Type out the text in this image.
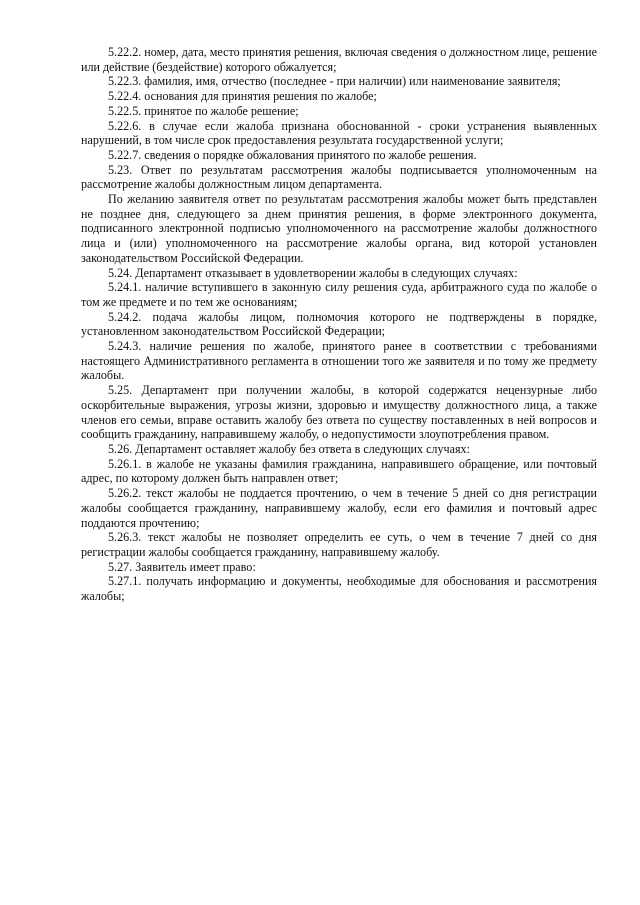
5.22.2. номер, дата, место принятия решения, включая сведения о должностном лице, решение или действие (бездействие) которого обжалуется;

5.22.3. фамилия, имя, отчество (последнее - при наличии) или наименование заявителя;

5.22.4. основания для принятия решения по жалобе;

5.22.5. принятое по жалобе решение;

5.22.6. в случае если жалоба признана обоснованной - сроки устранения выявленных нарушений, в том числе срок предоставления результата государственной услуги;

5.22.7. сведения о порядке обжалования принятого по жалобе решения.

5.23. Ответ по результатам рассмотрения жалобы подписывается уполномоченным на рассмотрение жалобы должностным лицом департамента.

По желанию заявителя ответ по результатам рассмотрения жалобы может быть представлен не позднее дня, следующего за днем принятия решения, в форме электронного документа, подписанного электронной подписью уполномоченного на рассмотрение жалобы должностного лица и (или) уполномоченного на рассмотрение жалобы органа, вид которой установлен законодательством Российской Федерации.

5.24. Департамент отказывает в удовлетворении жалобы в следующих случаях:

5.24.1. наличие вступившего в законную силу решения суда, арбитражного суда по жалобе о том же предмете и по тем же основаниям;

5.24.2. подача жалобы лицом, полномочия которого не подтверждены в порядке, установленном законодательством Российской Федерации;

5.24.3. наличие решения по жалобе, принятого ранее в соответствии с требованиями настоящего Административного регламента в отношении того же заявителя и по тому же предмету жалобы.

5.25. Департамент при получении жалобы, в которой содержатся нецензурные либо оскорбительные выражения, угрозы жизни, здоровью и имуществу должностного лица, а также членов его семьи, вправе оставить жалобу без ответа по существу поставленных в ней вопросов и сообщить гражданину, направившему жалобу, о недопустимости злоупотребления правом.

5.26. Департамент оставляет жалобу без ответа в следующих случаях:

5.26.1. в жалобе не указаны фамилия гражданина, направившего обращение, или почтовый адрес, по которому должен быть направлен ответ;

5.26.2. текст жалобы не поддается прочтению, о чем в течение 5 дней со дня регистрации жалобы сообщается гражданину, направившему жалобу, если его фамилия и почтовый адрес поддаются прочтению;

5.26.3. текст жалобы не позволяет определить ее суть, о чем в течение 7 дней со дня регистрации жалобы сообщается гражданину, направившему жалобу.

5.27. Заявитель имеет право:

5.27.1. получать информацию и документы, необходимые для обоснования и рассмотрения жалобы;
